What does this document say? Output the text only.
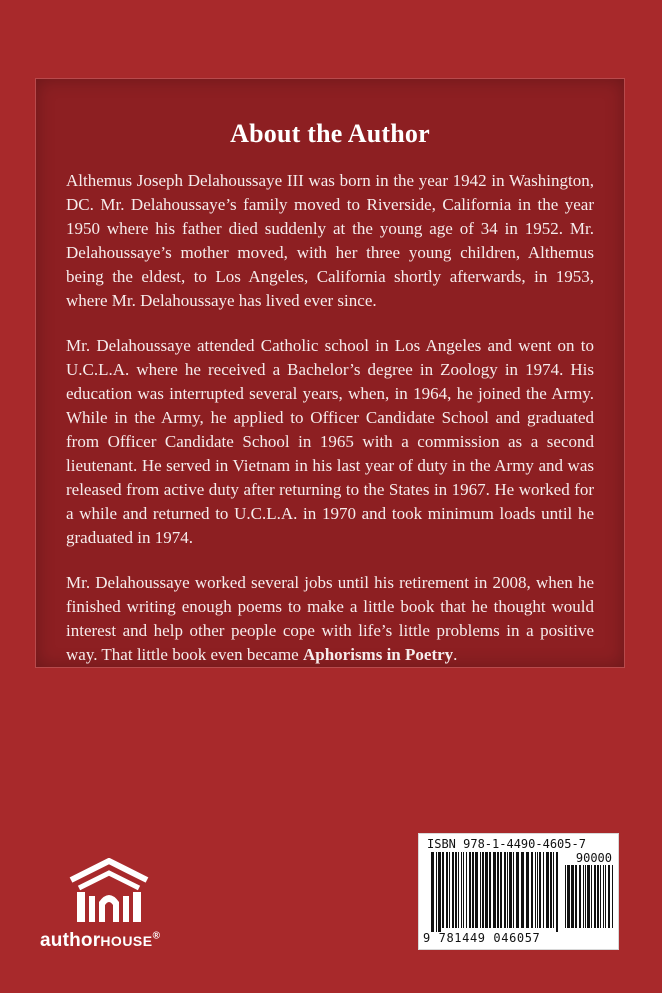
About the Author

Althemus Joseph Delahoussaye III was born in the year 1942 in Washington, DC. Mr. Delahoussaye’s family moved to Riverside, California in the year 1950 where his father died suddenly at the young age of 34 in 1952. Mr. Delahoussaye’s mother moved, with her three young children, Althemus being the eldest, to Los Angeles, California shortly afterwards, in 1953, where Mr. Delahoussaye has lived ever since.

Mr. Delahoussaye attended Catholic school in Los Angeles and went on to U.C.L.A. where he received a Bachelor’s degree in Zoology in 1974. His education was interrupted several years, when, in 1964, he joined the Army. While in the Army, he applied to Officer Candidate School and graduated from Officer Candidate School in 1965 with a commission as a second lieutenant. He served in Vietnam in his last year of duty in the Army and was released from active duty after returning to the States in 1967. He worked for a while and returned to U.C.L.A. in 1970 and took minimum loads until he graduated in 1974.

Mr. Delahoussaye worked several jobs until his retirement in 2008, when he finished writing enough poems to make a little book that he thought would interest and help other people cope with life’s little problems in a positive way. That little book even became Aphorisms in Poetry.

authorHOUSE®
ISBN 978-1-4490-4605-7
90000
9 781449 046057
